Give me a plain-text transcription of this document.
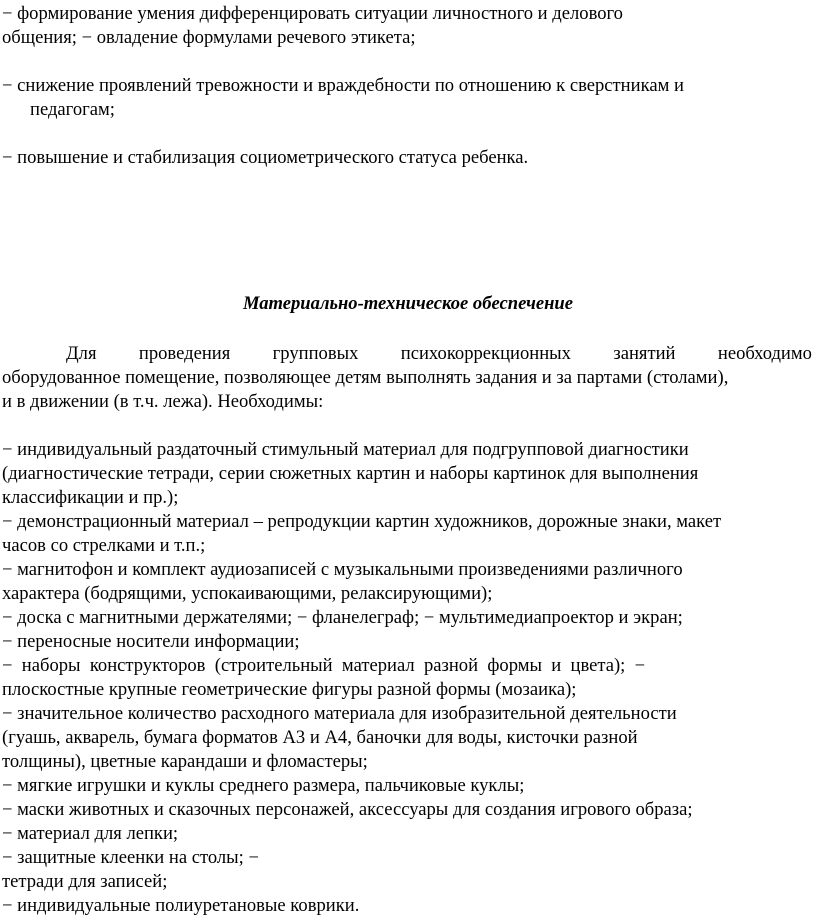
− формирование умения дифференцировать ситуации личностного и делового
общения; − овладение формулами речевого этикета;
− снижение проявлений тревожности и враждебности по отношению к сверстникам и
педагогам;
− повышение и стабилизация социометрического статуса ребенка.
Материально-техническое обеспечение
Для проведения групповых психокоррекционных занятий необходимо
оборудованное помещение, позволяющее детям выполнять задания и за партами (столами),
и в движении (в т.ч. лежа). Необходимы:
− индивидуальный раздаточный стимульный материал для подгрупповой диагностики
(диагностические тетради, серии сюжетных картин и наборы картинок для выполнения
классификации и пр.);
− демонстрационный материал – репродукции картин художников, дорожные знаки, макет
часов со стрелками и т.п.;
− магнитофон и комплект аудиозаписей с музыкальными произведениями различного
характера (бодрящими, успокаивающими, релаксирующими);
− доска с магнитными держателями; − фланелеграф; − мультимедиапроектор и экран;
− переносные носители информации;
−  наборы  конструкторов  (строительный  материал  разной  формы  и  цвета);  −
плоскостные крупные геометрические фигуры разной формы (мозаика);
− значительное количество расходного материала для изобразительной деятельности
(гуашь, акварель, бумага форматов А3 и А4, баночки для воды, кисточки разной
толщины), цветные карандаши и фломастеры;
− мягкие игрушки и куклы среднего размера, пальчиковые куклы;
− маски животных и сказочных персонажей, аксессуары для создания игрового образа;
− материал для лепки;
− защитные клеенки на столы; −
тетради для записей;
− индивидуальные полиуретановые коврики.
